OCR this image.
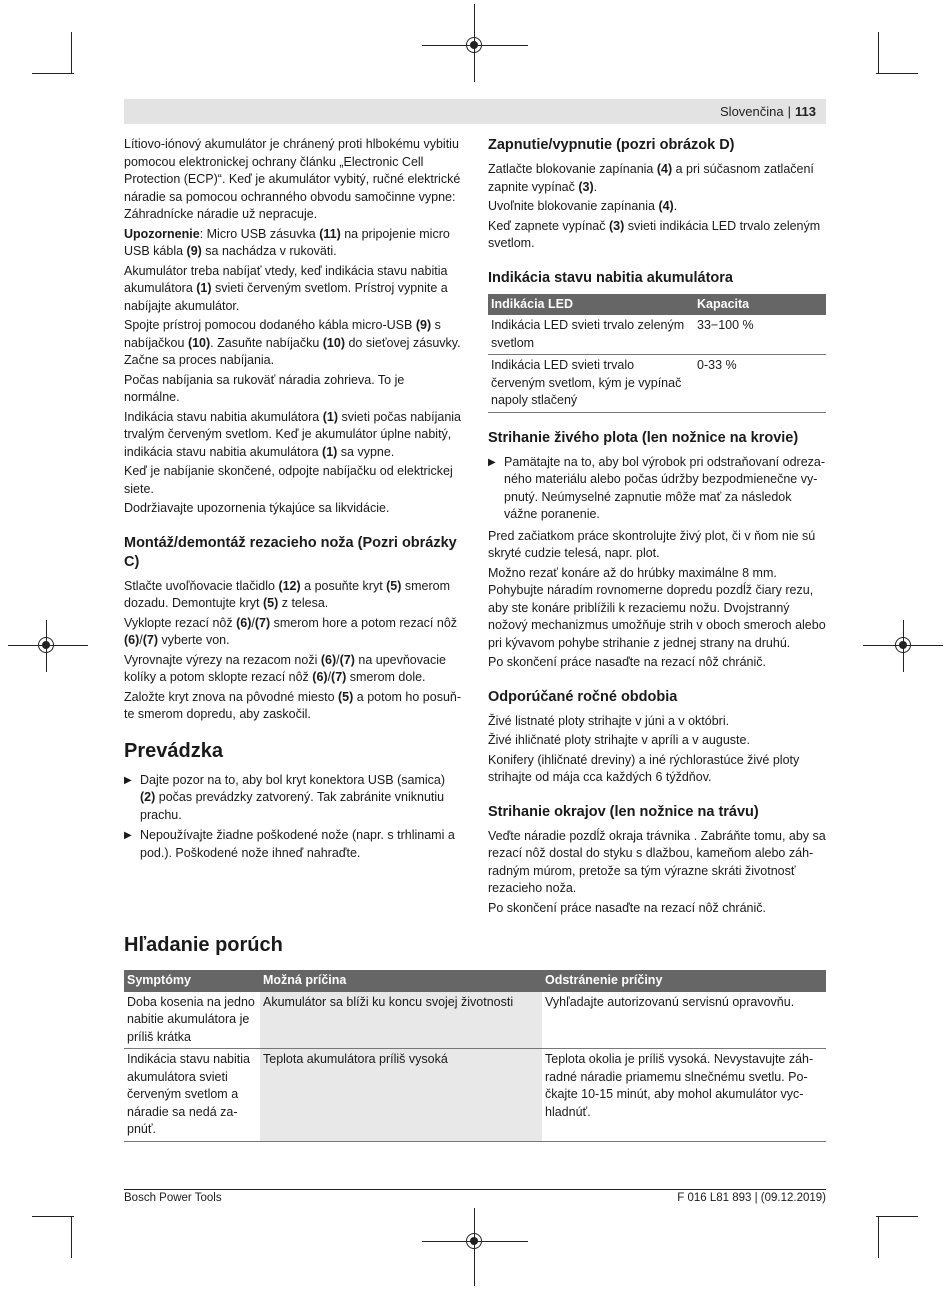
Slovenčina | 113

Lítiovo-iónový akumulátor je chránený proti hlbokému vybitiu pomocou elektronickej ochrany článku „Electronic Cell Protection (ECP)“. Keď je akumulátor vybitý, ručné elektrické náradie sa pomocou ochranného obvodu samočinne vypne: Záhradnícke náradie už nepracuje.

Upozornenie: Micro USB zásuvka (11) na pripojenie micro USB kábla (9) sa nachádza v rukoväti.

Akumulátor treba nabíjať vtedy, keď indikácia stavu nabitia akumulátora (1) svieti červeným svetlom. Prístroj vypnite a nabíjajte akumulátor.

Spojte prístroj pomocou dodaného kábla micro-USB (9) s nabíjačkou (10). Zasuňte nabíjačku (10) do sieťovej zásuvky. Začne sa proces nabíjania.

Počas nabíjania sa rukoväť náradia zohrieva. To je normálne.

Indikácia stavu nabitia akumulátora (1) svieti počas nabíjania trvalým červeným svetlom. Keď je akumulátor úplne nabitý, indikácia stavu nabitia akumulátora (1) sa vypne.

Keď je nabíjanie skončené, odpojte nabíjačku od elektrickej siete.

Dodržiavajte upozornenia týkajúce sa likvidácie.

Montáž/demontáž rezacieho noža (Pozri obrázky C)

Stlačte uvoľňovacie tlačidlo (12) a posuňte kryt (5) smerom dozadu. Demontujte kryt (5) z telesa.

Vyklopte rezací nôž (6)/(7) smerom hore a potom rezací nôž (6)/(7) vyberte von.

Vyrovnajte výrezy na rezacom noži (6)/(7) na upevňovacie kolíky a potom sklopte rezací nôž (6)/(7) smerom dole.

Založte kryt znova na pôvodné miesto (5) a potom ho posuňte smerom dopredu, aby zaskočil.

Prevádzka
▶ Dajte pozor na to, aby bol kryt konektora USB (samica) (2) počas prevádzky zatvorený. Tak zabránite vniknutiu prachu.
▶ Nepoužívajte žiadne poškodené nože (napr. s trhlinami a pod.). Poškodené nože ihneď nahraďte.
Zapnutie/vypnutie (pozri obrázok D)

Zatlačte blokovanie zapínania (4) a pri súčasnom zatlačení zapnite vypínač (3).

Uvoľnite blokovanie zapínania (4).

Keď zapnete vypínač (3) svieti indikácia LED trvalo zeleným svetlom.

Indikácia stavu nabitia akumulátora
Indikácia LED	Kapacita
Indikácia LED svieti trvalo zeleným svetlom	33−100 %
Indikácia LED svieti trvalo červeným svetlom, kým je vypínač napoly stlačený	0-33 %
Strihanie živého plota (len nožnice na krovie)
▶ Pamätajte na to, aby bol výrobok pri odstraňovaní odrezaného materiálu alebo počas údržby bezpodmienečne vypnutý. Neúmyselné zapnutie môže mať za následok vážne poranenie.

Pred začiatkom práce skontrolujte živý plot, či v ňom nie sú skryté cudzie telesá, napr. plot.

Možno rezať konáre až do hrúbky maximálne 8 mm. Pohybujte náradím rovnomerne dopredu pozdĺž čiary rezu, aby ste konáre priblížili k rezaciemu nožu. Dvojstranný nožový mechanizmus umožňuje strih v oboch smeroch alebo pri kývavom pohybe strihanie z jednej strany na druhú.

Po skončení práce nasaďte na rezací nôž chránič.

Odporúčané ročné obdobia

Živé listnaté ploty strihajte v júni a v októbri.

Živé ihličnaté ploty strihajte v apríli a v auguste.

Konifery (ihličnaté dreviny) a iné rýchlorastúce živé ploty strihajte od mája cca každých 6 týždňov.

Strihanie okrajov (len nožnice na trávu)

Veďte náradie pozdĺž okraja trávnika . Zabráňte tomu, aby sa rezací nôž dostal do styku s dlažbou, kameňom alebo záhradným múrom, pretože sa tým výrazne skráti životnosť rezacieho noža.

Po skončení práce nasaďte na rezací nôž chránič.

Hľadanie porúch
Symptómy	Možná príčina	Odstránenie príčiny
Doba kosenia na jedno nabitie akumulátora je príliš krátka	Akumulátor sa blíži ku koncu svojej životnosti	Vyhľadajte autorizovanú servisnú opravovňu.
Indikácia stavu nabitia akumulátora svieti červeným svetlom a náradie sa nedá zapnúť.	Teplota akumulátora príliš vysoká	Teplota okolia je príliš vysoká. Nevystavujte záhradné náradie priamemu slnečnému svetlu. Počkajte 10-15 minút, aby mohol akumulátor vychladnúť.
Bosch Power Tools	F 016 L81 893 | (09.12.2019)
